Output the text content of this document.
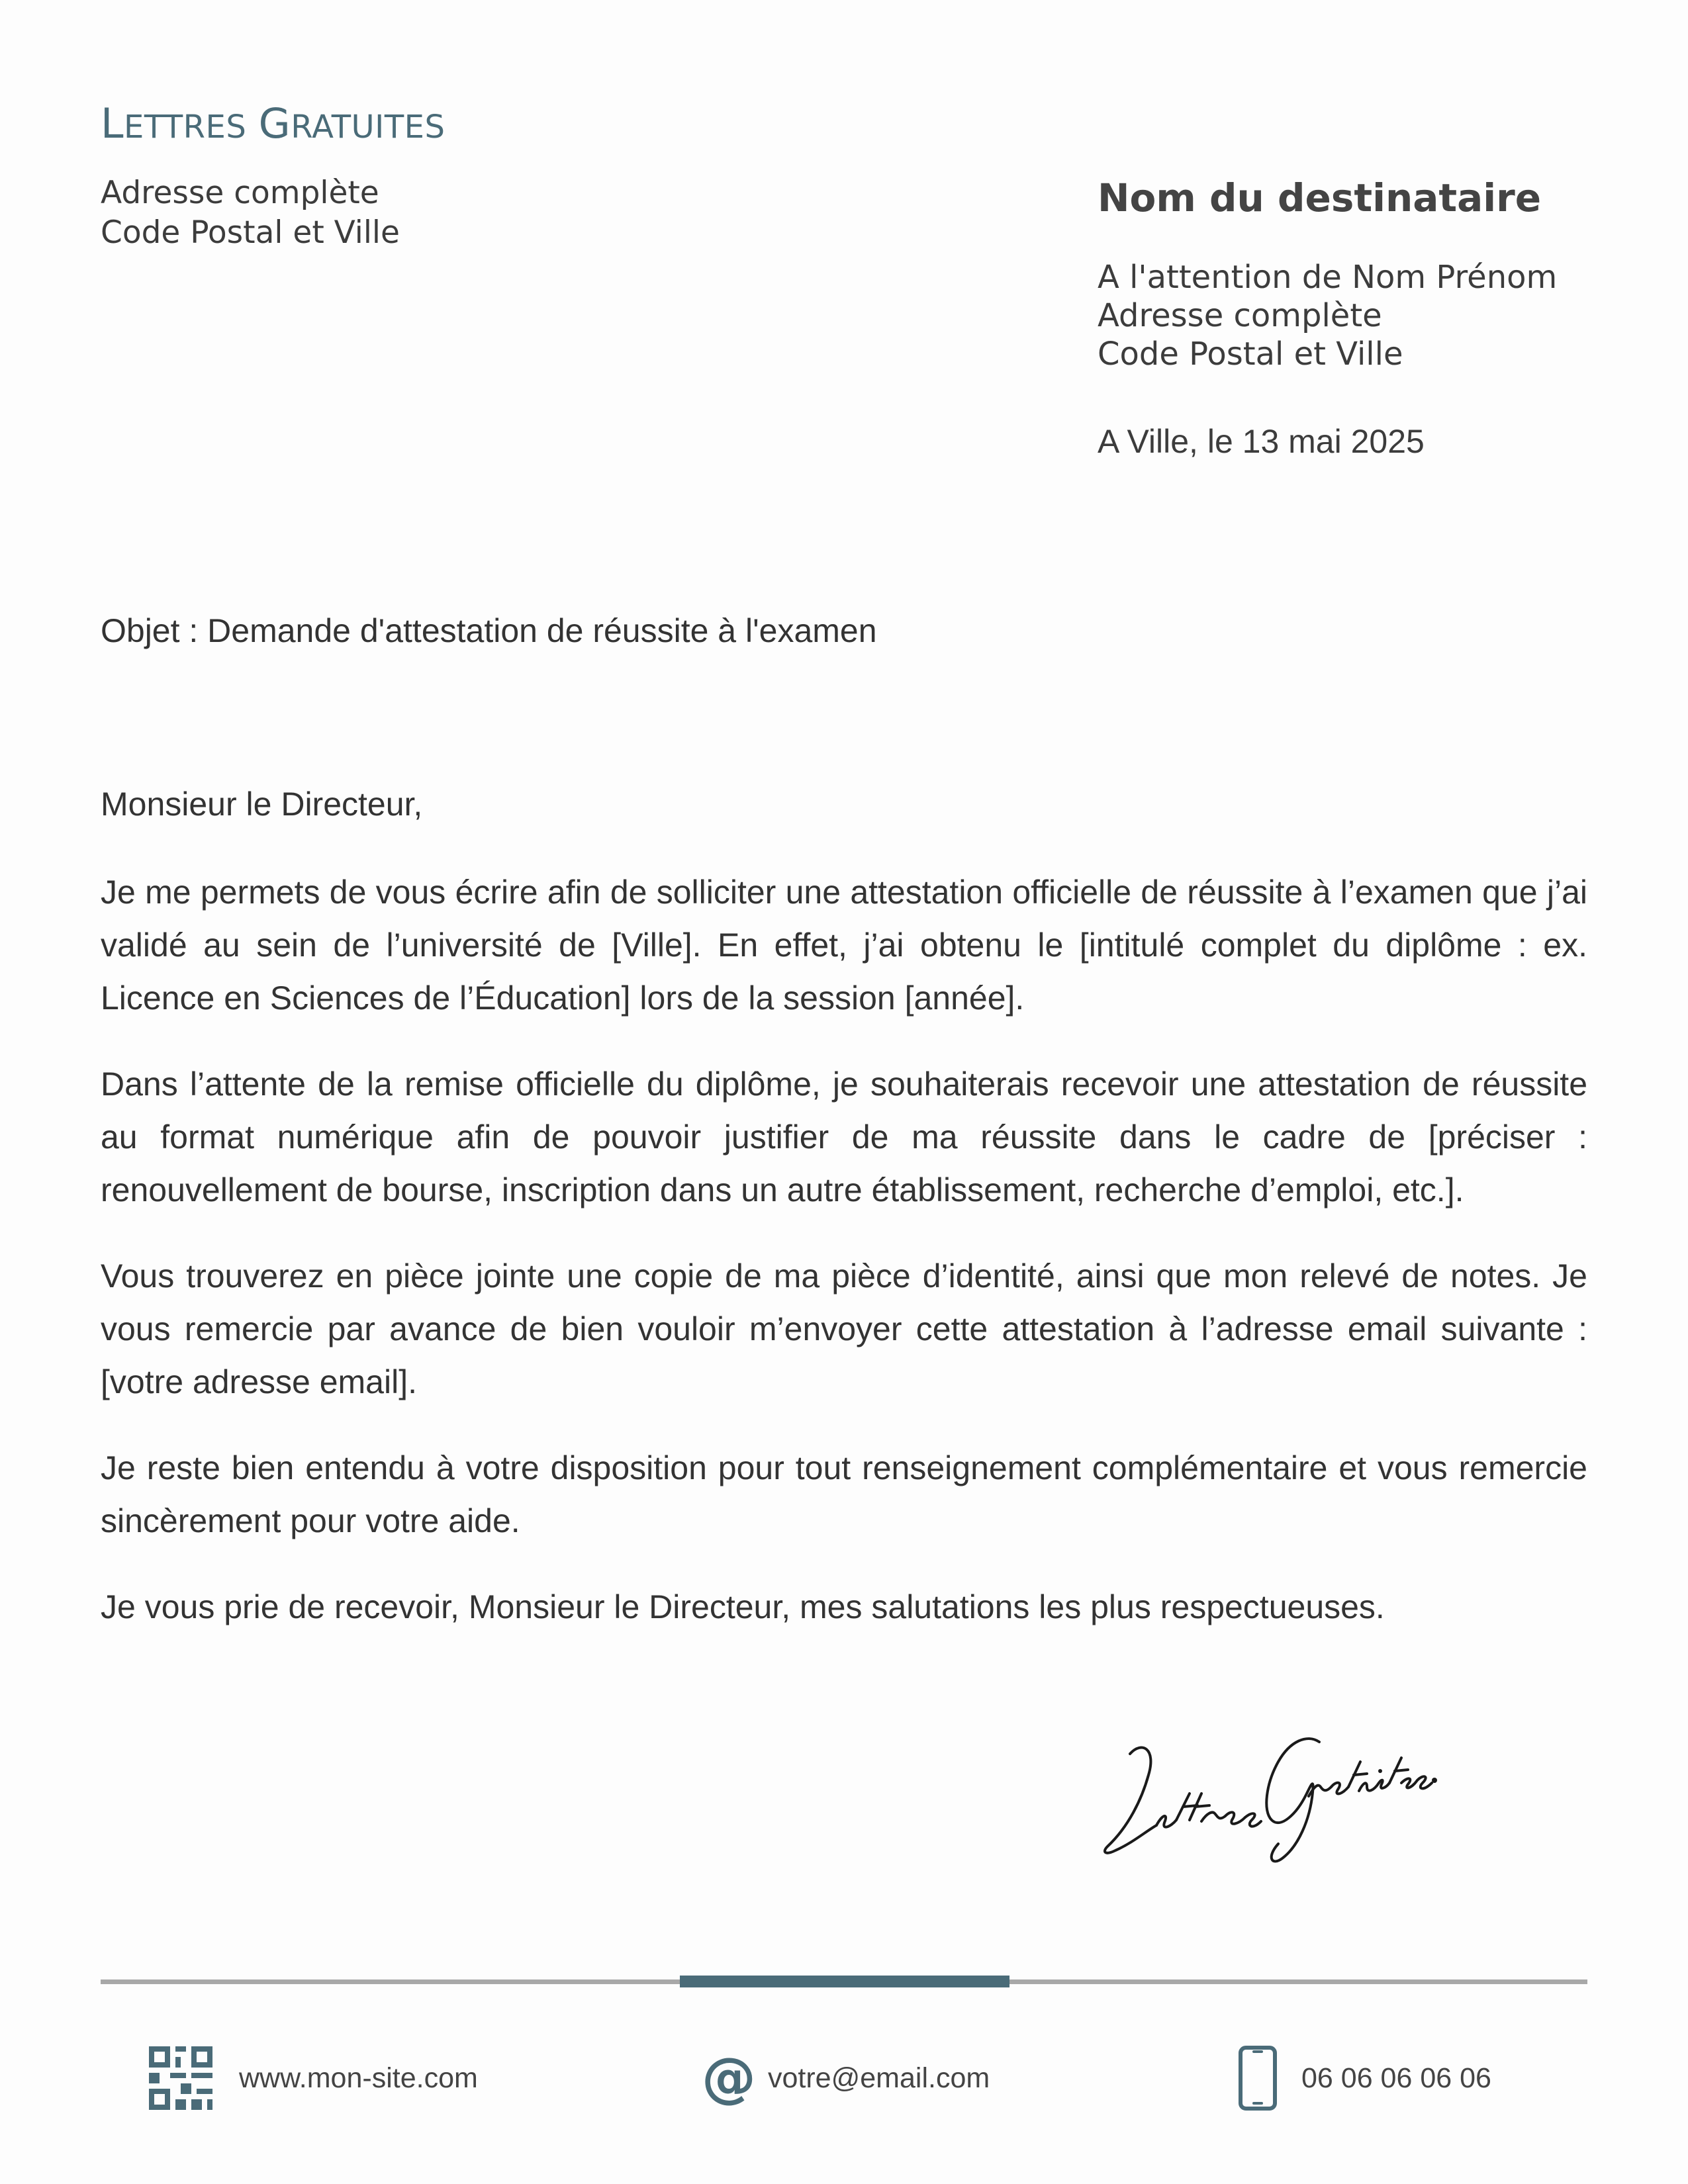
LETTRES GRATUITES
Adresse complète
Code Postal et Ville
Nom du destinataire
A l'attention de Nom Prénom
Adresse complète
Code Postal et Ville
A Ville, le 13 mai 2025
Objet : Demande d'attestation de réussite à l'examen
Monsieur le Directeur,

Je me permets de vous écrire afin de solliciter une attestation officielle de réussite à l’examen que j’ai validé au sein de l’université de [Ville]. En effet, j’ai obtenu le [intitulé complet du diplôme : ex. Licence en Sciences de l’Éducation] lors de la session [année].

Dans l’attente de la remise officielle du diplôme, je souhaiterais recevoir une attestation de réussite au format numérique afin de pouvoir justifier de ma réussite dans le cadre de [préciser : renouvellement de bourse, inscription dans un autre établissement, recherche d’emploi, etc.].

Vous trouverez en pièce jointe une copie de ma pièce d’identité, ainsi que mon relevé de notes. Je vous remercie par avance de bien vouloir m’envoyer cette attestation à l’adresse email suivante : [votre adresse email].

Je reste bien entendu à votre disposition pour tout renseignement complémentaire et vous remercie sincèrement pour votre aide.

Je vous prie de recevoir, Monsieur le Directeur, mes salutations les plus respectueuses.

www.mon-site.com	@ votre@email.com	06 06 06 06 06
